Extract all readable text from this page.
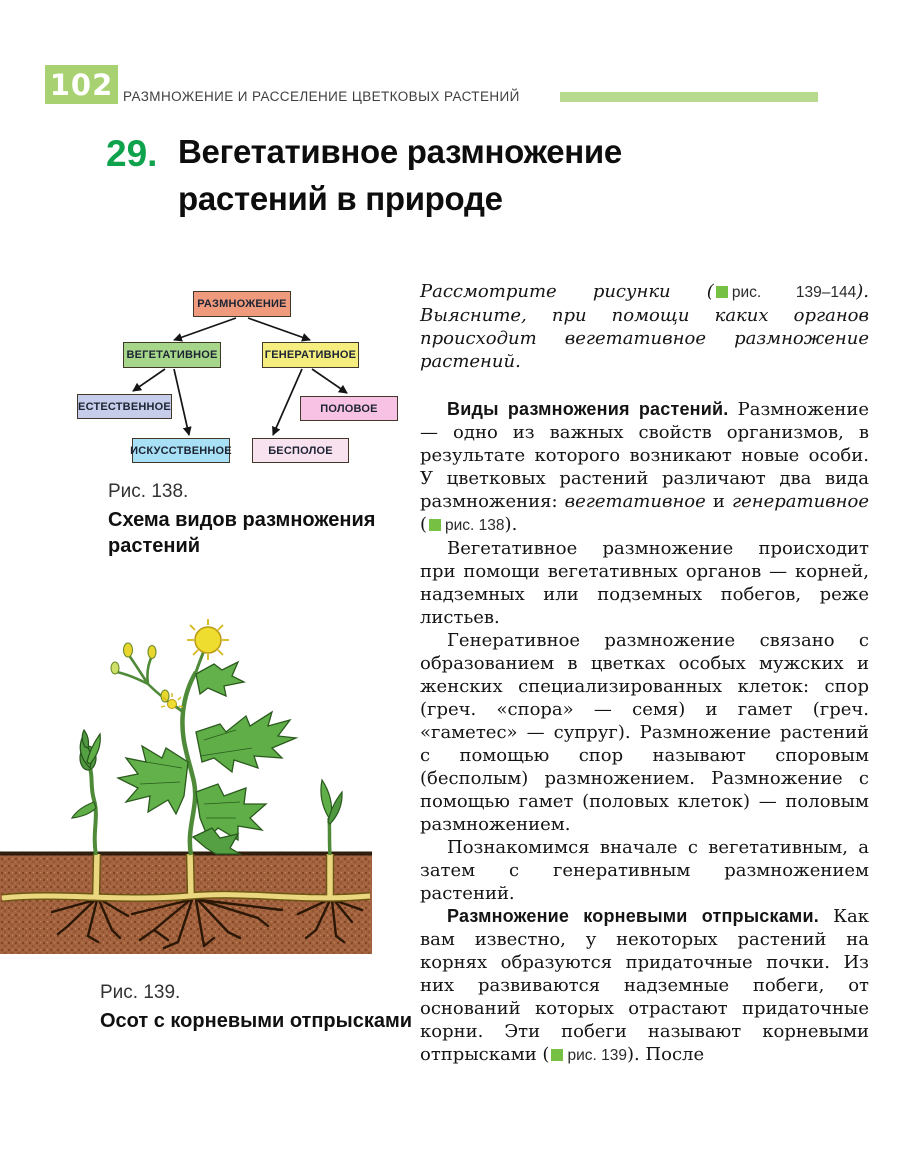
102 РАЗМНОЖЕНИЕ И РАССЕЛЕНИЕ ЦВЕТКОВЫХ РАСТЕНИЙ
29. Вегетативное размножение
растений в природе
РАЗМНОЖЕНИЕ
ВЕГЕТАТИВНОЕ	ГЕНЕРАТИВНОЕ
ЕСТЕСТВЕННОЕ
ИСКУССТВЕННОЕ
ПОЛОВОЕ
БЕСПОЛОЕ
Рис. 138.
Схема видов размножения растений
Рис. 139.
Осот с корневыми отпрысками

Рассмотрите рисунки ( рис. 139–144). Выясните, при помощи каких органов происходит вегетативное размножение растений.

Виды размножения растений. Размножение — одно из важных свойств организмов, в результате которого возникают новые особи. У цветковых растений различают два вида размножения: вегетативное и генеративное ( рис. 138).

Вегетативное размножение происходит при помощи вегетативных органов — корней, надземных или подземных побегов, реже листьев.

Генеративное размножение связано с образованием в цветках особых мужских и женских специализированных клеток: спор (греч. «спора» — семя) и гамет (греч. «гаметес» — супруг). Размножение растений с помощью спор называют споровым (бесполым) размножением. Размножение с помощью гамет (половых клеток) — половым размножением.

Познакомимся вначале с вегетативным, а затем с генеративным размножением растений.

Размножение корневыми отпрысками. Как вам известно, у некоторых растений на корнях образуются придаточные почки. Из них развиваются надземные побеги, от оснований которых отрастают придаточные корни. Эти побеги называют корневыми отпрысками ( рис. 139). После
